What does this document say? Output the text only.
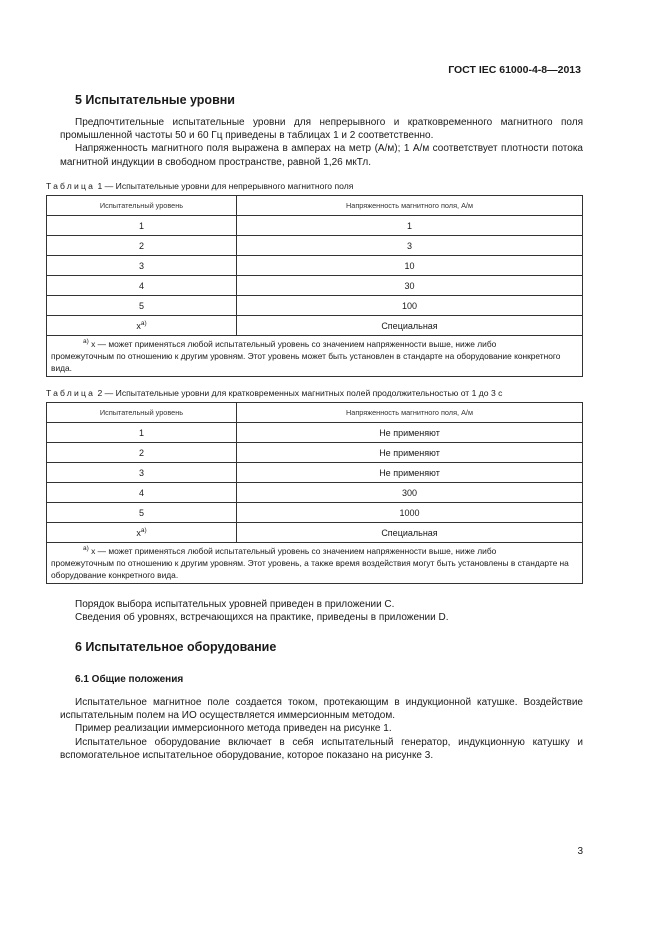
ГОСТ IEC 61000-4-8—2013
5 Испытательные уровни

Предпочтительные испытательные уровни для непрерывного и кратковременного магнитного поля промышленной частоты 50 и 60 Гц приведены в таблицах 1 и 2 соответственно.

Напряженность магнитного поля выражена в амперах на метр (А/м); 1 А/м соответствует плотности потока магнитной индукции в свободном пространстве, равной 1,26 мкТл.

Таблица 1 — Испытательные уровни для непрерывного магнитного поля
Испытательный уровень	Напряженность магнитного поля, А/м
1	1
2	3
3	10
4	30
5	100
$x^{a)}$	Специальная

$^{а)}$ x — может применяться любой испытательный уровень со значением напряженности выше, ниже либо
промежуточным по отношению к другим уровням. Этот уровень может быть установлен в стандарте на оборудование конкретного вида.	
Таблица 2 — Испытательные уровни для кратковременных магнитных полей продолжительностью от 1 до 3 с
Испытательный уровень	Напряженность магнитного поля, А/м
1	Не применяют
2	Не применяют
3	Не применяют
4	300
5	1000
$x^{a)}$	Специальная

$^{а)}$ x — может применяться любой испытательный уровень со значением напряженности выше, ниже либо
промежуточным по отношению к другим уровням. Этот уровень, а также время воздействия могут быть установлены в стандарте на оборудование конкретного вида.	

Порядок выбора испытательных уровней приведен в приложении С.

Сведения об уровнях, встречающихся на практике, приведены в приложении D.

6 Испытательное оборудование
6.1 Общие положения

Испытательное магнитное поле создается током, протекающим в индукционной катушке. Воздействие испытательным полем на ИО осуществляется иммерсионным методом.

Пример реализации иммерсионного метода приведен на рисунке 1.

Испытательное оборудование включает в себя испытательный генератор, индукционную катушку и вспомогательное испытательное оборудование, которое показано на рисунке 3.

3
